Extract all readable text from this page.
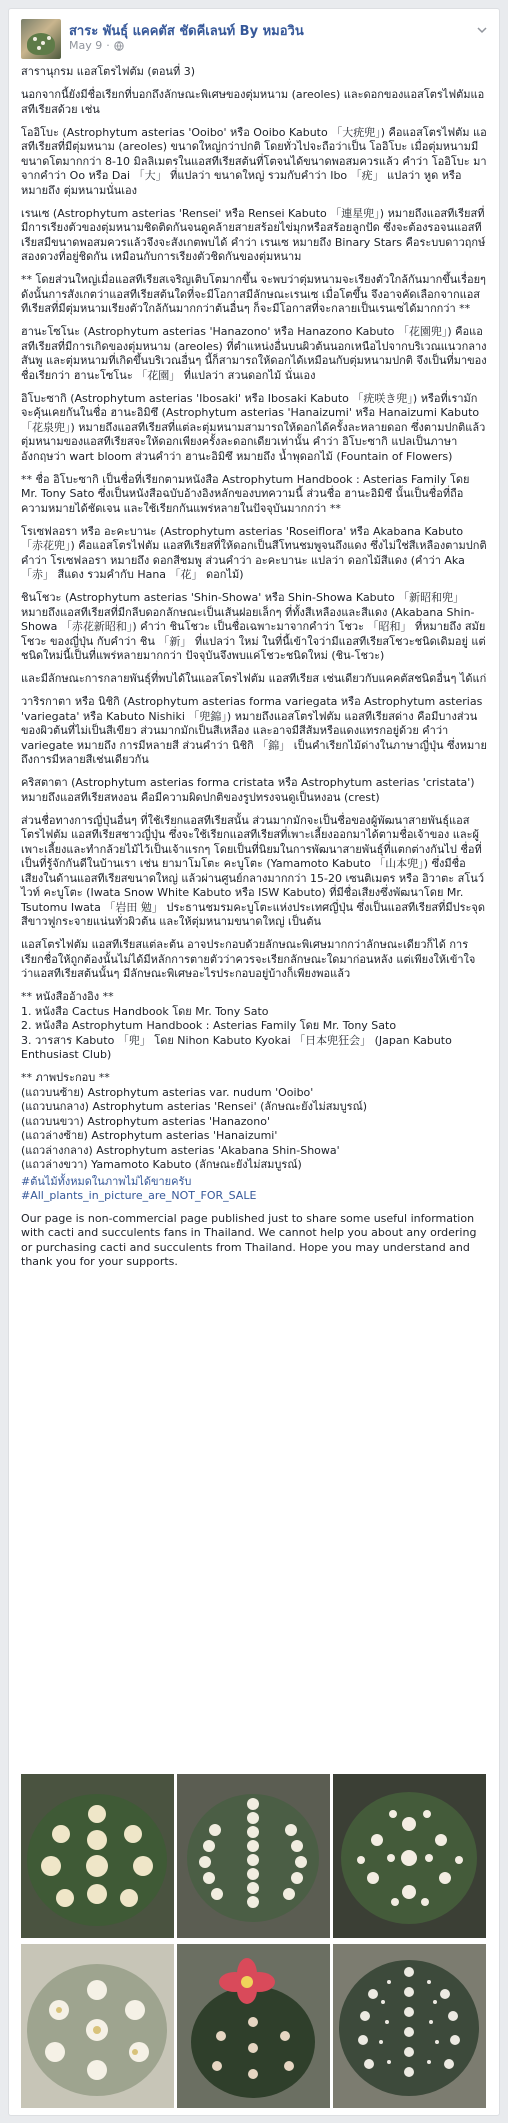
สาระ พันธุ์ แคคตัส ชัดคีเลนท์ By หมอวิน
May 9 ·

สารานุกรม แอสโตรไฟตัม (ตอนที่ 3)

นอกจากนี้ยังมีชื่อเรียกที่บอกถึงลักษณะพิเศษของตุ่มหนาม (areoles) และดอกของแอสโตรไฟตัมแอสทีเรียสด้วย เช่น

โออิโบะ (Astrophytum asterias 'Ooibo' หรือ Ooibo Kabuto 「大疣兜」) คือแอสโตรไฟตัม แอสทีเรียสที่มีตุ่มหนาม (areoles) ขนาดใหญ่กว่าปกติ โดยทั่วไปจะถือว่าเป็น โออิโบะ เมื่อตุ่มหนามมีขนาดโตมากกว่า 8-10 มิลลิเมตรในแอสทีเรียสต้นที่โตจนได้ขนาดพอสมควรแล้ว คำว่า โออิโบะ มาจากคำว่า Oo หรือ Dai 「大」 ที่แปลว่า ขนาดใหญ่ รวมกับคำว่า Ibo 「疣」 แปลว่า หูด หรือหมายถึง ตุ่มหนามนั่นเอง

เรนเซ (Astrophytum asterias 'Rensei' หรือ Rensei Kabuto 「連星兜」) หมายถึงแอสทีเรียสที่มีการเรียงตัวของตุ่มหนามชิดติดกันจนดูคล้ายสายสร้อยไข่มุกหรือสร้อยลูกปัด ซึ่งจะต้องรอจนแอสทีเรียสมีขนาดพอสมควรแล้วจึงจะสังเกตพบได้ คำว่า เรนเซ หมายถึง Binary Stars คือระบบดาวฤกษ์สองดวงที่อยู่ชิดกัน เหมือนกับการเรียงตัวชิดกันของตุ่มหนาม

** โดยส่วนใหญ่เมื่อแอสทีเรียสเจริญเติบโตมากขึ้น จะพบว่าตุ่มหนามจะเรียงตัวใกล้กันมากขึ้นเรื่อยๆ ดังนั้นการสังเกตว่าแอสทีเรียสต้นใดที่จะมีโอกาสมีลักษณะเรนเซ เมื่อโตขึ้น จึงอาจคัดเลือกจากแอสทีเรียสที่มีตุ่มหนามเรียงตัวใกล้กันมากกว่าต้นอื่นๆ ก็จะมีโอกาสที่จะกลายเป็นเรนเซได้มากกว่า **

ฮานะโซโนะ (Astrophytum asterias 'Hanazono' หรือ Hanazono Kabuto 「花園兜」) คือแอสทีเรียสที่มีการเกิดของตุ่มหนาม (areoles) ที่ตำแหน่งอื่นบนผิวต้นนอกเหนือไปจากบริเวณแนวกลางสันพู และตุ่มหนามที่เกิดขึ้นบริเวณอื่นๆ นี้ก็สามารถให้ดอกได้เหมือนกับตุ่มหนามปกติ จึงเป็นที่มาของชื่อเรียกว่า ฮานะโซโนะ 「花園」 ที่แปลว่า สวนดอกไม้ นั่นเอง

อิโบะซากิ (Astrophytum asterias 'Ibosaki' หรือ Ibosaki Kabuto 「疣咲き兜」) หรือที่เรามักจะคุ้นเคยกันในชื่อ ฮานะอิมิซึ (Astrophytum asterias 'Hanaizumi' หรือ Hanaizumi Kabuto 「花泉兜」) หมายถึงแอสทีเรียสที่แต่ละตุ่มหนามสามารถให้ดอกได้ครั้งละหลายดอก ซึ่งตามปกติแล้วตุ่มหนามของแอสทีเรียสจะให้ดอกเพียงครั้งละดอกเดียวเท่านั้น คำว่า อิโบะซากิ แปลเป็นภาษาอังกฤษว่า wart bloom ส่วนคำว่า ฮานะอิมิซึ หมายถึง น้ำพุดอกไม้ (Fountain of Flowers)

** ชื่อ อิโบะซากิ เป็นชื่อที่เรียกตามหนังสือ Astrophytum Handbook : Asterias Family โดย Mr. Tony Sato ซึ่งเป็นหนังสือฉบับอ้างอิงหลักของบทความนี้ ส่วนชื่อ ฮานะอิมิซึ นั้นเป็นชื่อที่ถือความหมายได้ชัดเจน และใช้เรียกกันแพร่หลายในปัจจุบันมากกว่า **

โรเซฟลอรา หรือ อะคะบานะ (Astrophytum asterias 'Roseiflora' หรือ Akabana Kabuto 「赤花兜」) คือแอสโตรไฟตัม แอสทีเรียสที่ให้ดอกเป็นสีโทนชมพูจนถึงแดง ซึ่งไม่ใช่สีเหลืองตามปกติ คำว่า โรเซฟลอรา หมายถึง ดอกสีชมพู ส่วนคำว่า อะคะบานะ แปลว่า ดอกไม้สีแดง (คำว่า Aka 「赤」 สีแดง รวมคำกับ Hana 「花」 ดอกไม้)

ชินโชวะ (Astrophytum asterias 'Shin-Showa' หรือ Shin-Showa Kabuto 「新昭和兜」 หมายถึงแอสทีเรียสที่มีกลีบดอกลักษณะเป็นเส้นฝอยเล็กๆ ที่ทั้งสีเหลืองและสีแดง (Akabana Shin-Showa 「赤花新昭和」) คำว่า ชินโชวะ เป็นชื่อเฉพาะมาจากคำว่า โชวะ 「昭和」 ที่หมายถึง สมัยโชวะ ของญี่ปุ่น กับคำว่า ชิน 「新」 ที่แปลว่า ใหม่ ในที่นี้เข้าใจว่ามีแอสทีเรียสโชวะชนิดเดิมอยู่ แต่ชนิดใหม่นี้เป็นที่แพร่หลายมากกว่า ปัจจุบันจึงพบแค่โชวะชนิดใหม่ (ชิน-โชวะ)

และมีลักษณะการกลายพันธุ์ที่พบได้ในแอสโตรไฟตัม แอสทีเรียส เช่นเดียวกับแคคตัสชนิดอื่นๆ ได้แก่

วาริรกาตา หรือ นิชิกิ (Astrophytum asterias forma variegata หรือ Astrophytum asterias 'variegata' หรือ Kabuto Nishiki 「兜錦」) หมายถึงแอสโตรไฟตัม แอสทีเรียสด่าง คือมีบางส่วนของผิวต้นที่ไม่เป็นสีเขียว ส่วนมากมักเป็นสีเหลือง และอาจมีสีส้มหรือแดงแทรกอยู่ด้วย คำว่า variegate หมายถึง การมีหลายสี ส่วนคำว่า นิชิกิ 「錦」 เป็นคำเรียกไม้ด่างในภาษาญี่ปุ่น ซึ่งหมายถึงการมีหลายสีเช่นเดียวกัน

คริสตาตา (Astrophytum asterias forma cristata หรือ Astrophytum asterias 'cristata') หมายถึงแอสทีเรียสหงอน คือมีความผิดปกติของรูปทรงจนดูเป็นหงอน (crest)

ส่วนชื่อทางการญี่ปุ่นอื่นๆ ที่ใช้เรียกแอสทีเรียสนั้น ส่วนมากมักจะเป็นชื่อของผู้พัฒนาสายพันธุ์แอสโตรไฟตัม แอสทีเรียสชาวญี่ปุ่น ซึ่งจะใช้เรียกแอสทีเรียสที่เพาะเลี้ยงออกมาได้ตามชื่อเจ้าของ และผู้เพาะเลี้ยงและทำกล้วยไม้ไว้เป็นเจ้าแรกๆ โดยเป็นที่นิยมในการพัฒนาสายพันธุ์ที่แตกต่างกันไป ชื่อที่เป็นที่รู้จักกันดีในบ้านเรา เช่น ยามาโมโตะ คะบูโตะ (Yamamoto Kabuto 「山本兜」) ซึ่งมีชื่อเสียงในด้านแอสทีเรียสขนาดใหญ่ แล้วผ่านศูนย์กลางมากกว่า 15-20 เซนติเมตร หรือ อิวาตะ สโนว์ไวท์ คะบูโตะ (Iwata Snow White Kabuto หรือ ISW Kabuto) ที่มีชื่อเสียงซึ่งพัฒนาโดย Mr. Tsutomu Iwata 「岩田 勉」 ประธานชมรมคะบูโตะแห่งประเทศญี่ปุ่น ซึ่งเป็นแอสทีเรียสที่มีประจุดสีขาวฟูกระจายแน่นทั่วผิวต้น และให้ตุ่มหนามขนาดใหญ่ เป็นต้น

แอสโตรไฟตัม แอสทีเรียสแต่ละต้น อาจประกอบด้วยลักษณะพิเศษมากกว่าลักษณะเดียวก็ได้ การเรียกชื่อให้ถูกต้องนั้นไม่ได้มีหลักการตายตัวว่าควรจะเรียกลักษณะใดมาก่อนหลัง แต่เพียงให้เข้าใจว่าแอสทีเรียสต้นนั้นๆ มีลักษณะพิเศษอะไรประกอบอยู่บ้างก็เพียงพอแล้ว

** หนังสืออ้างอิง **
1. หนังสือ Cactus Handbook โดย Mr. Tony Sato
2. หนังสือ Astrophytum Handbook : Asterias Family โดย Mr. Tony Sato
3. วารสาร Kabuto 「兜」 โดย Nihon Kabuto Kyokai 「日本兜狂会」 (Japan Kabuto Enthusiast Club)

** ภาพประกอบ **
(แถวบนซ้าย) Astrophytum asterias var. nudum 'Ooibo'
(แถวบนกลาง) Astrophytum asterias 'Rensei' (ลักษณะยังไม่สมบูรณ์)
(แถวบนขวา) Astrophytum asterias 'Hanazono'
(แถวล่างซ้าย) Astrophytum asterias 'Hanaizumi'
(แถวล่างกลาง) Astrophytum asterias 'Akabana Shin-Showa'
(แถวล่างขวา) Yamamoto Kabuto (ลักษณะยังไม่สมบูรณ์)

#ต้นไม้ทั้งหมดในภาพไม่ได้ขายครับ
#All_plants_in_picture_are_NOT_FOR_SALE

Our page is non-commercial page published just to share some useful information with cacti and succulents fans in Thailand. We cannot help you about any ordering or purchasing cacti and succulents from Thailand. Hope you may understand and thank you for your supports.
